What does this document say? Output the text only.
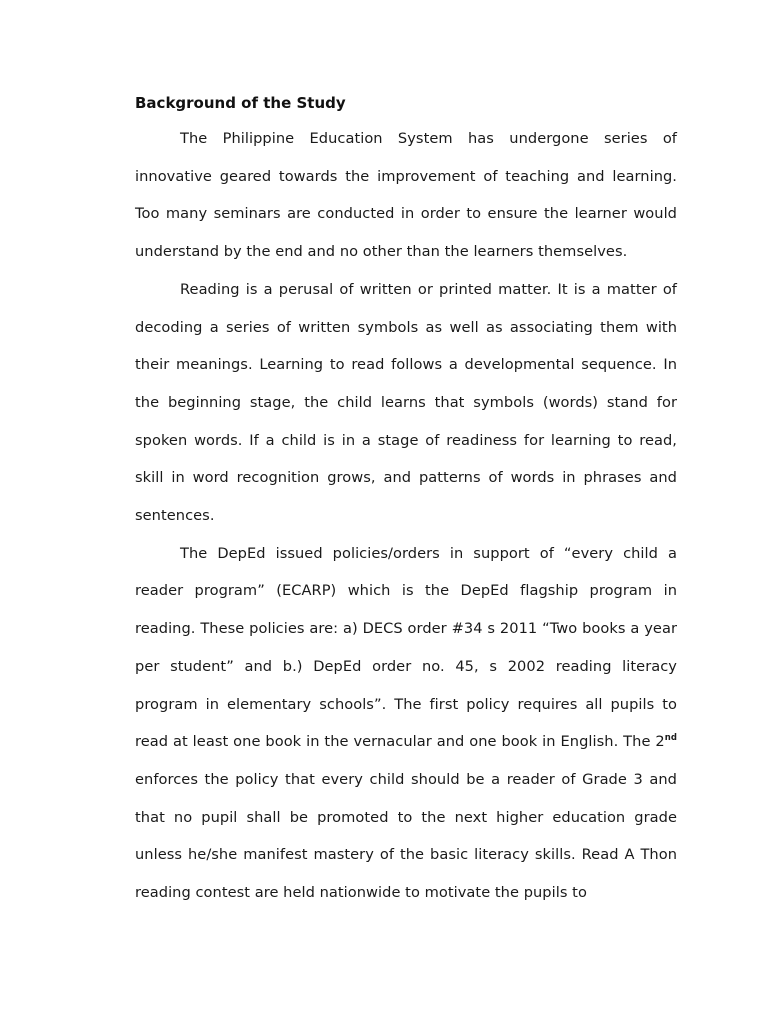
Background of the Study

The Philippine Education System has undergone series of innovative geared towards the improvement of teaching and learning. Too many seminars are conducted in order to ensure the learner would understand by the end and no other than the learners themselves.

Reading is a perusal of written or printed matter. It is a matter of decoding a series of written symbols as well as associating them with their meanings. Learning to read follows a developmental sequence. In the beginning stage, the child learns that symbols (words) stand for spoken words. If a child is in a stage of readiness for learning to read, skill in word recognition grows, and patterns of words in phrases and sentences.

The DepEd issued policies/orders in support of “every child a reader program” (ECARP) which is the DepEd flagship program in reading. These policies are: a) DECS order #34 s 2011 “Two books a year per student” and b.) DepEd order no. 45, s 2002 reading literacy program in elementary schools”. The first policy requires all pupils to read at least one book in the vernacular and one book in English. The 2nd enforces the policy that every child should be a reader of Grade 3 and that no pupil shall be promoted to the next higher education grade unless he/she manifest mastery of the basic literacy skills. Read A Thon reading contest are held nationwide to motivate the pupils to
